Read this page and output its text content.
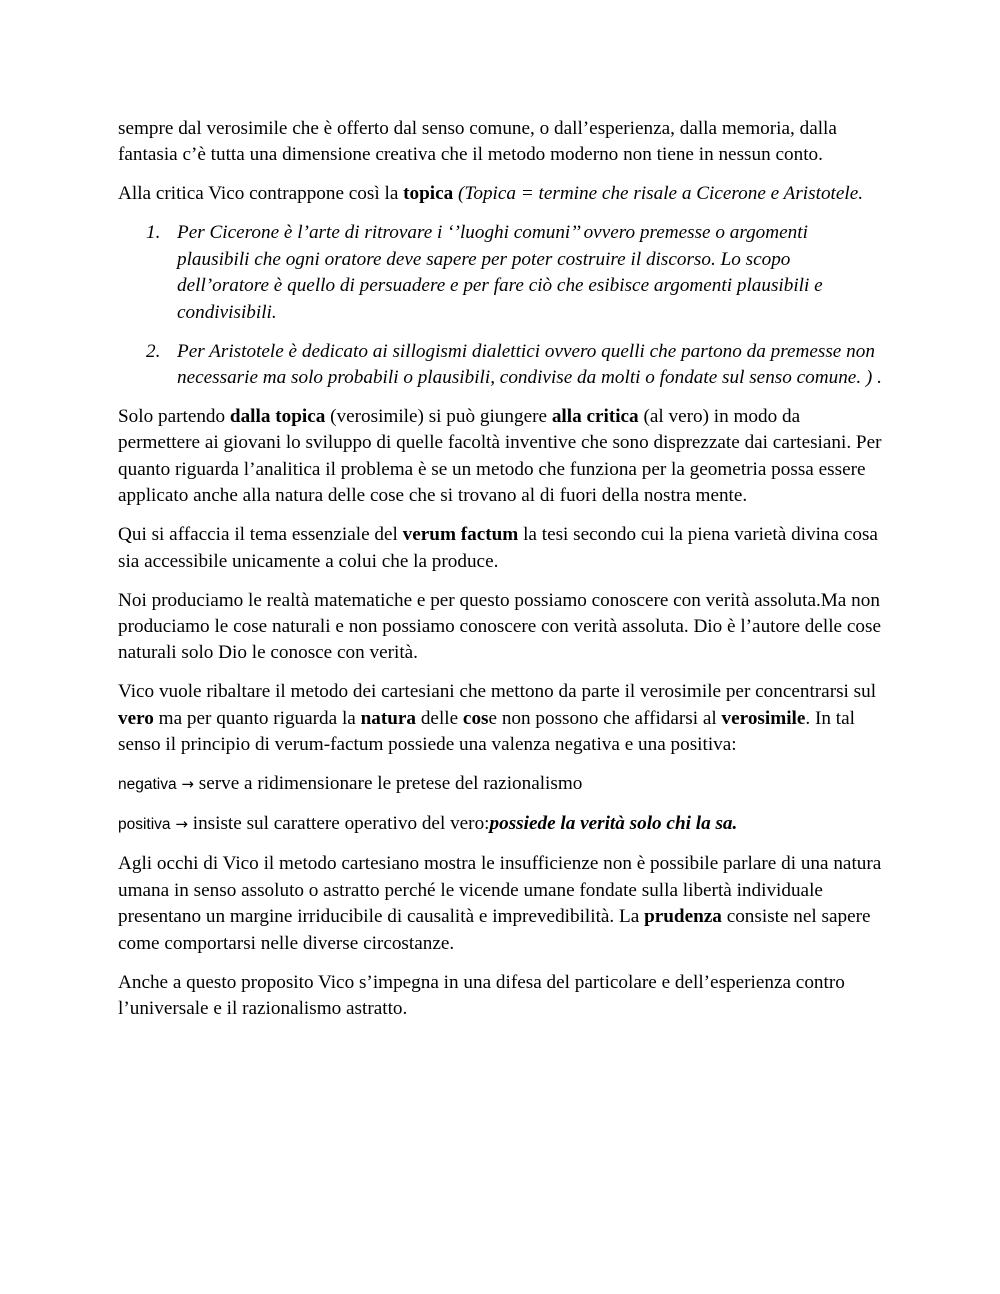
sempre dal verosimile che è offerto dal senso comune, o dall’esperienza, dalla memoria, dalla fantasia c’è tutta una dimensione creativa che il metodo moderno non tiene in nessun conto.

Alla critica Vico contrappone così la topica (Topica = termine che risale a Cicerone e Aristotele.

1. Per Cicerone è l’arte di ritrovare i ‘’luoghi comuni’’ ovvero premesse o argomenti plausibili che ogni oratore deve sapere per poter costruire il discorso. Lo scopo dell’oratore è quello di persuadere e per fare ciò che esibisce argomenti plausibili e condivisibili.
2. Per Aristotele è dedicato ai sillogismi dialettici ovvero quelli che partono da premesse non necessarie ma solo probabili o plausibili, condivise da molti o fondate sul senso comune. ) .

Solo partendo dalla topica (verosimile) si può giungere alla critica (al vero) in modo da permettere ai giovani lo sviluppo di quelle facoltà inventive che sono disprezzate dai cartesiani. Per quanto riguarda l’analitica il problema è se un metodo che funziona per la geometria possa essere applicato anche alla natura delle cose che si trovano al di fuori della nostra mente.

Qui si affaccia il tema essenziale del verum factum la tesi secondo cui la piena varietà divina cosa sia accessibile unicamente a colui che la produce.

Noi produciamo le realtà matematiche e per questo possiamo conoscere con verità assoluta.Ma non produciamo le cose naturali e non possiamo conoscere con verità assoluta. Dio è l’autore delle cose naturali solo Dio le conosce con verità.

Vico vuole ribaltare il metodo dei cartesiani che mettono da parte il verosimile per concentrarsi sul vero ma per quanto riguarda la natura delle cose non possono che affidarsi al verosimile. In tal senso il principio di verum-factum possiede una valenza negativa e una positiva:

negativa → serve a ridimensionare le pretese del razionalismo

positiva → insiste sul carattere operativo del vero:possiede la verità solo chi la sa.

Agli occhi di Vico il metodo cartesiano mostra le insufficienze non è possibile parlare di una natura umana in senso assoluto o astratto perché le vicende umane fondate sulla libertà individuale presentano un margine irriducibile di causalità e imprevedibilità. La prudenza consiste nel sapere come comportarsi nelle diverse circostanze.

Anche a questo proposito Vico s’impegna in una difesa del particolare e dell’esperienza contro l’universale e il razionalismo astratto.
